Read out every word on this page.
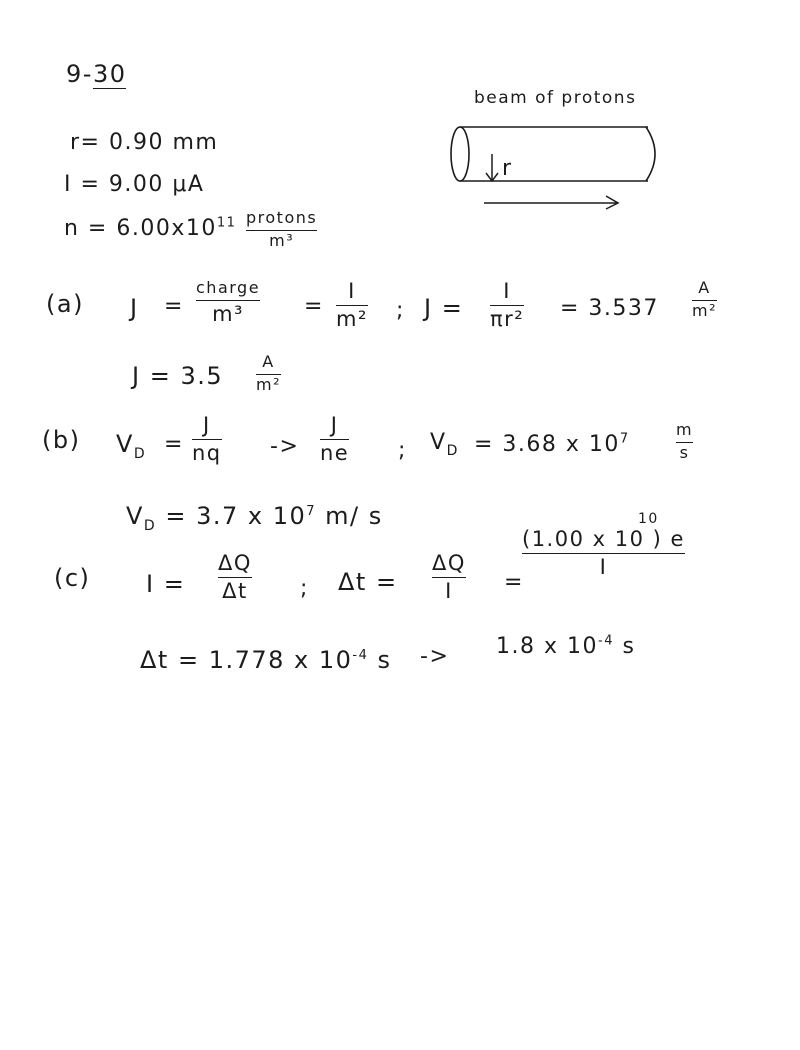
9-30
r= 0.90 mm
I = 9.00 μA
$n = 6.00x10^{11}$ protons
m³
beam of protons
r
(a) J =
charge
m³	=
I
m² ; J =
I
πr² = 3.537
A
m²
J = 3.5
A
m²
(b) $V_D$ =
J
nq ->
J
ne ; $V_D = 3.68$ x $10^7$
m
s
$V_D = 3.7$ x $10^7$ m/ s
(c) I =
ΔQ
Δt ; Δt =
ΔQ
I =
10
(1.00 x 10 ) e
I
Δt = 1.778 x $10^{-4}$ s -> 1.8 x $10^{-4}$ s
